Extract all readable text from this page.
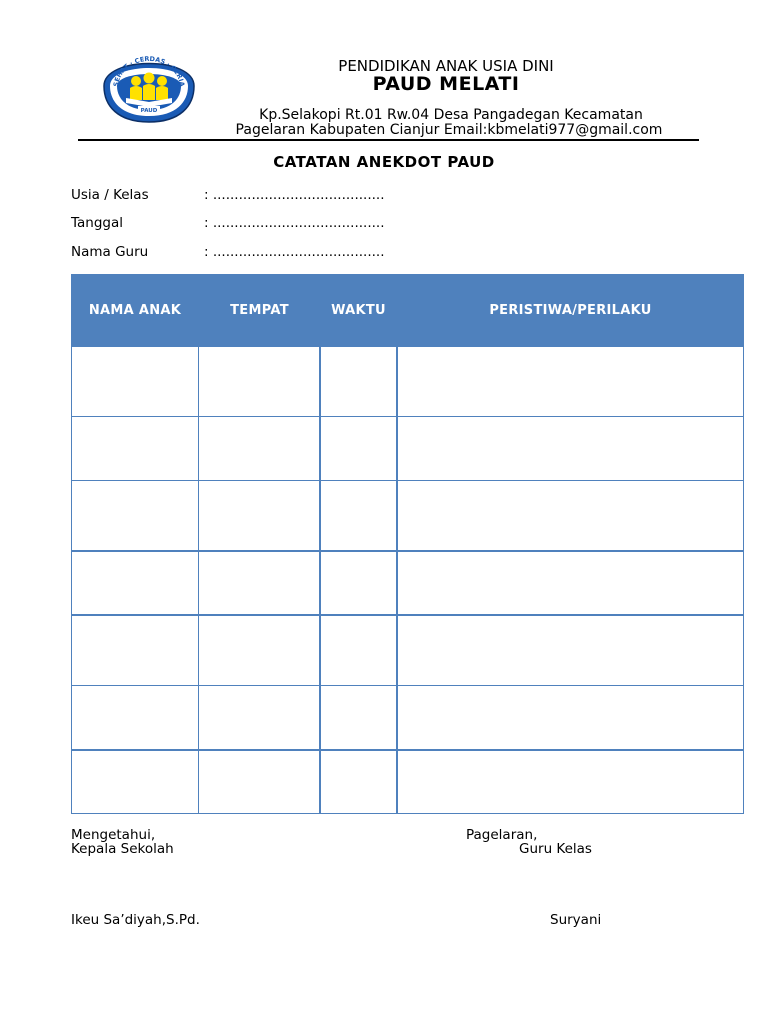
SEHAT · CERDAS · CERIA
PAUD
PENDIDIKAN ANAK USIA DINI
PAUD MELATI
Kp.Selakopi Rt.01 Rw.04 Desa Pangadegan Kecamatan
Pagelaran Kabupaten Cianjur Email:kbmelati977@gmail.com
CATATAN ANEKDOT PAUD
Usia / Kelas	: ........................................
Tanggal	: ........................................
Nama Guru	: ........................................
NAMA ANAK	TEMPAT	WAKTU	PERISTIWA/PERILAKU
Mengetahui,
Kepala Sekolah
Pagelaran,
Guru Kelas
Ikeu Sa’diyah,S.Pd.	Suryani
